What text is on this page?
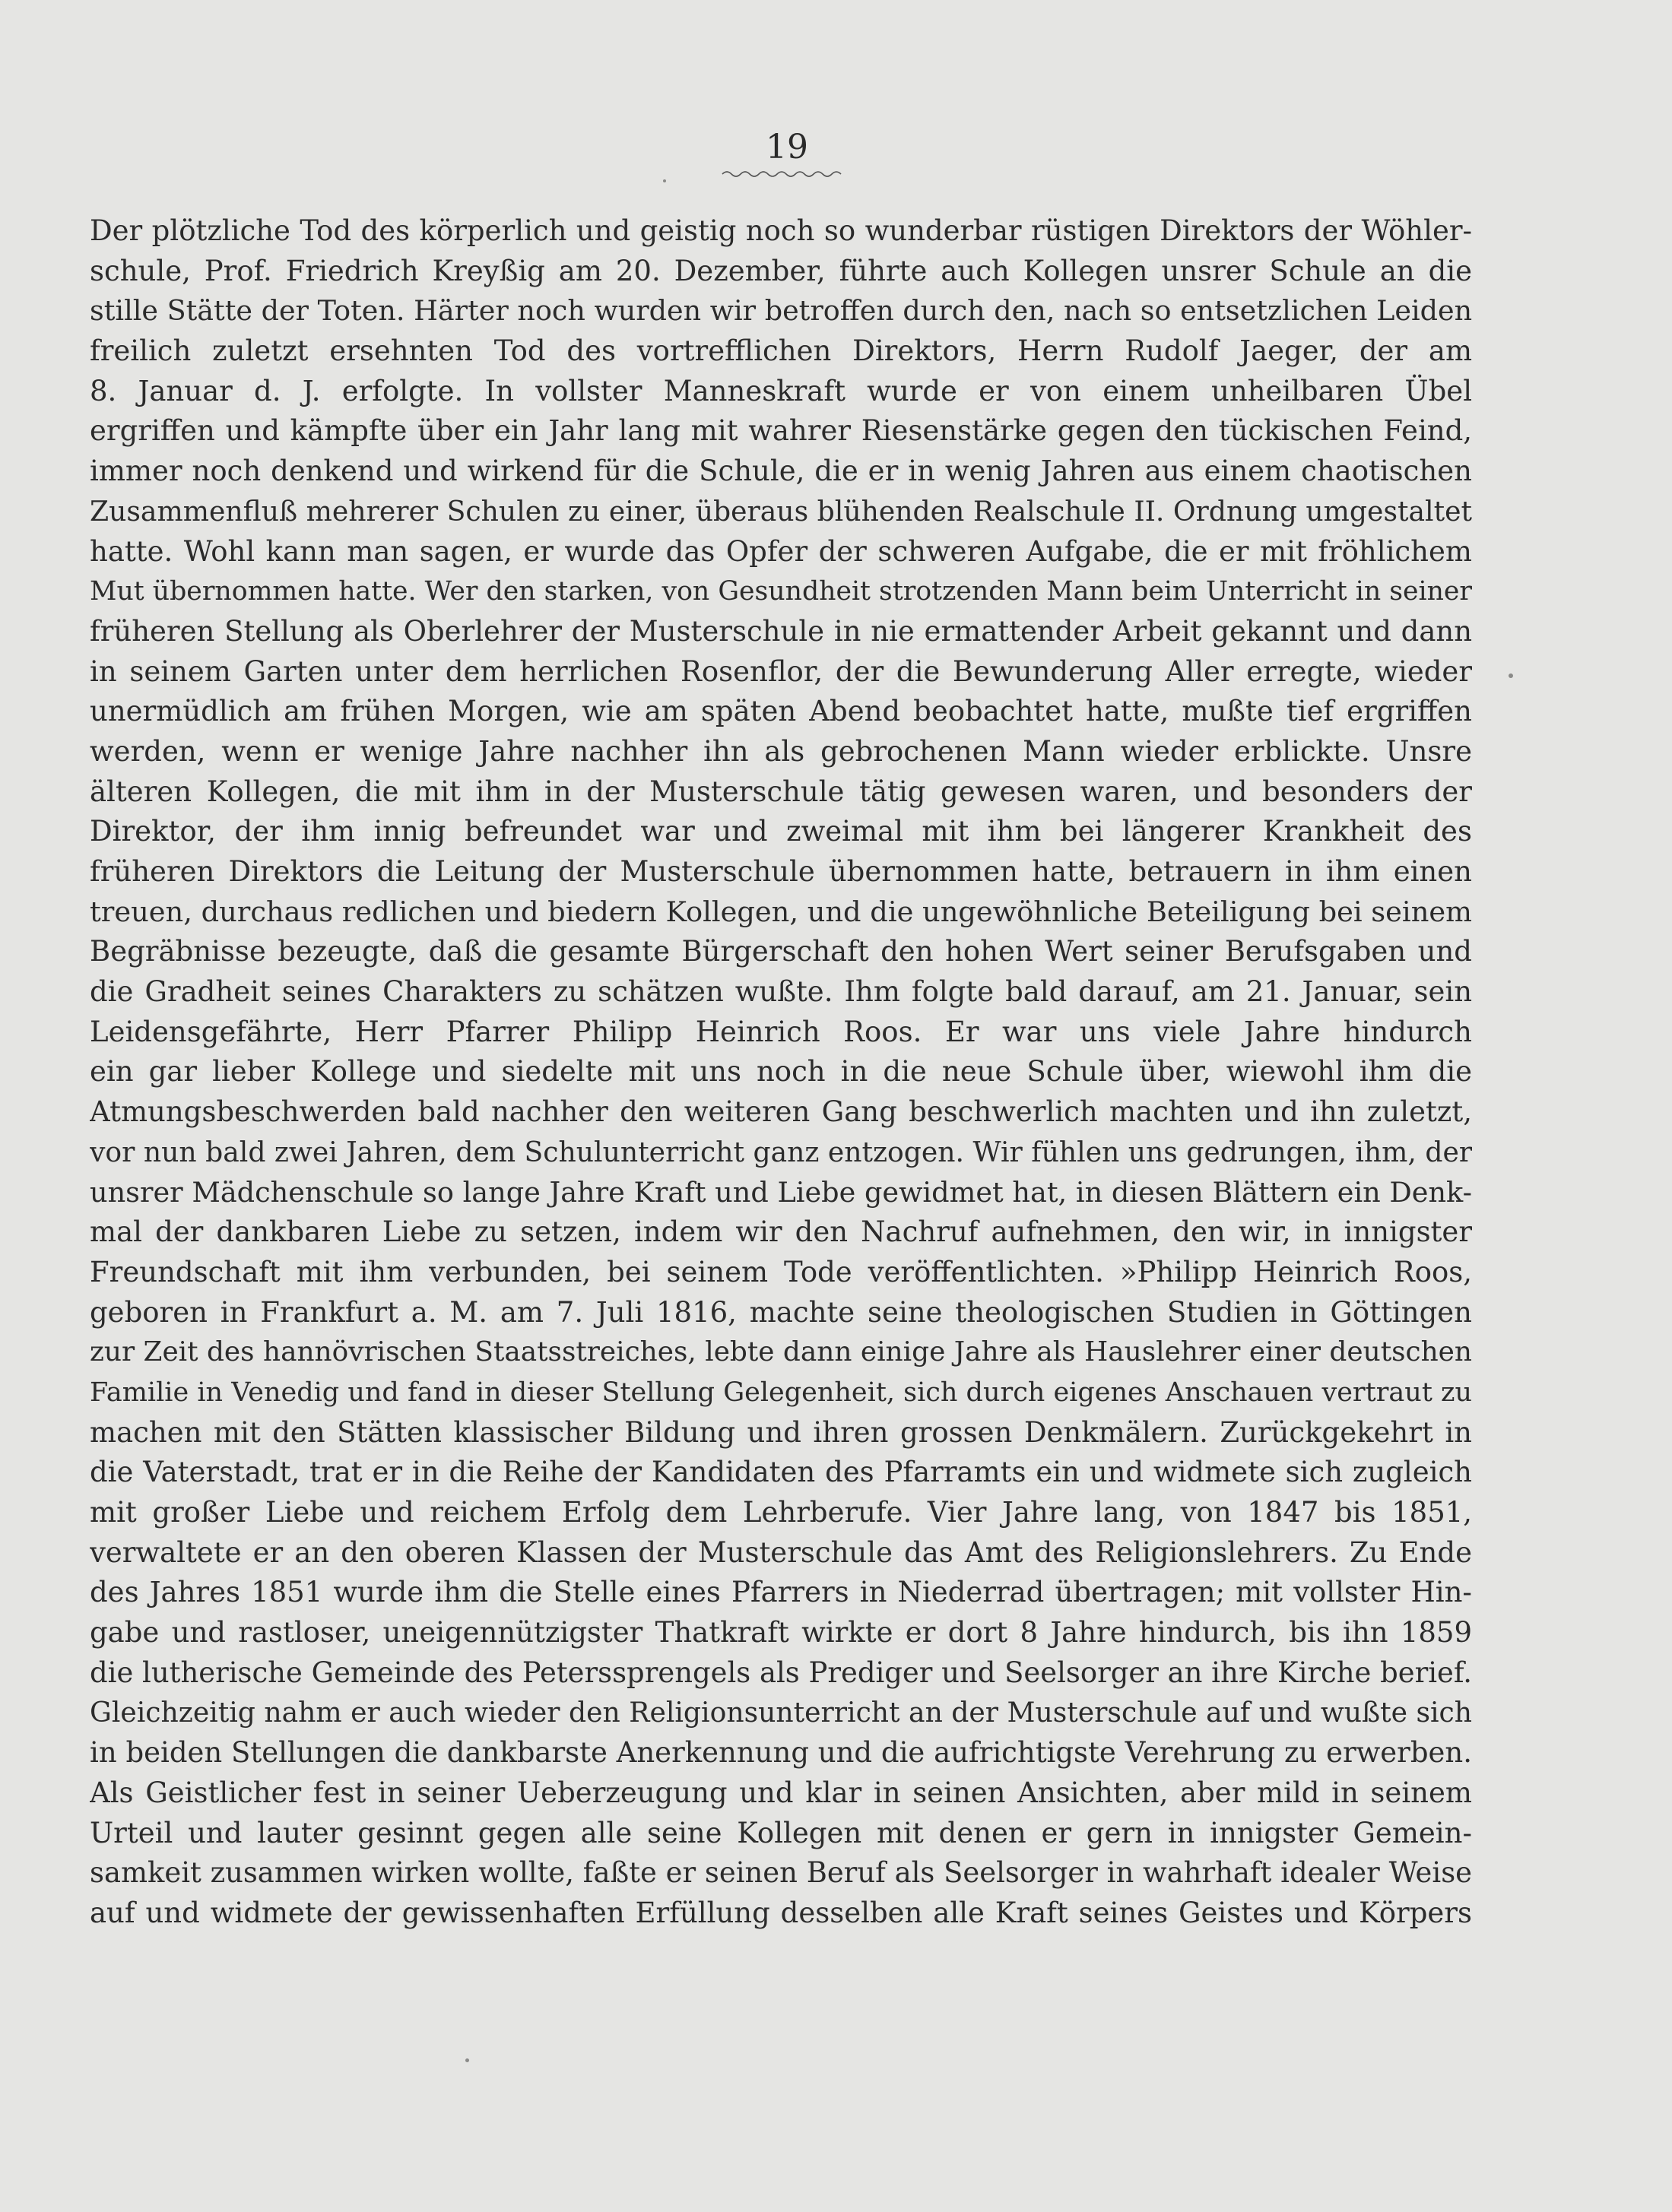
19
Der plötzliche Tod des körperlich und geistig noch so wunderbar rüstigen Direktors der Wöhler-
schule, Prof. Friedrich Kreyßig am 20. Dezember, führte auch Kollegen unsrer Schule an die
stille Stätte der Toten. Härter noch wurden wir betroffen durch den, nach so entsetzlichen Leiden
freilich zuletzt ersehnten Tod des vortrefflichen Direktors, Herrn Rudolf Jaeger, der am
8. Januar d. J. erfolgte. In vollster Manneskraft wurde er von einem unheilbaren Übel
ergriffen und kämpfte über ein Jahr lang mit wahrer Riesenstärke gegen den tückischen Feind,
immer noch denkend und wirkend für die Schule, die er in wenig Jahren aus einem chaotischen
Zusammenfluß mehrerer Schulen zu einer, überaus blühenden Realschule II. Ordnung umgestaltet
hatte. Wohl kann man sagen, er wurde das Opfer der schweren Aufgabe, die er mit fröhlichem
Mut übernommen hatte. Wer den starken, von Gesundheit strotzenden Mann beim Unterricht in seiner
früheren Stellung als Oberlehrer der Musterschule in nie ermattender Arbeit gekannt und dann
in seinem Garten unter dem herrlichen Rosenflor, der die Bewunderung Aller erregte, wieder
unermüdlich am frühen Morgen, wie am späten Abend beobachtet hatte, mußte tief ergriffen
werden, wenn er wenige Jahre nachher ihn als gebrochenen Mann wieder erblickte. Unsre
älteren Kollegen, die mit ihm in der Musterschule tätig gewesen waren, und besonders der
Direktor, der ihm innig befreundet war und zweimal mit ihm bei längerer Krankheit des
früheren Direktors die Leitung der Musterschule übernommen hatte, betrauern in ihm einen
treuen, durchaus redlichen und biedern Kollegen, und die ungewöhnliche Beteiligung bei seinem
Begräbnisse bezeugte, daß die gesamte Bürgerschaft den hohen Wert seiner Berufsgaben und
die Gradheit seines Charakters zu schätzen wußte. Ihm folgte bald darauf, am 21. Januar, sein
Leidensgefährte, Herr Pfarrer Philipp Heinrich Roos. Er war uns viele Jahre hindurch
ein gar lieber Kollege und siedelte mit uns noch in die neue Schule über, wiewohl ihm die
Atmungsbeschwerden bald nachher den weiteren Gang beschwerlich machten und ihn zuletzt,
vor nun bald zwei Jahren, dem Schulunterricht ganz entzogen. Wir fühlen uns gedrungen, ihm, der
unsrer Mädchenschule so lange Jahre Kraft und Liebe gewidmet hat, in diesen Blättern ein Denk-
mal der dankbaren Liebe zu setzen, indem wir den Nachruf aufnehmen, den wir, in innigster
Freundschaft mit ihm verbunden, bei seinem Tode veröffentlichten. »Philipp Heinrich Roos,
geboren in Frankfurt a. M. am 7. Juli 1816, machte seine theologischen Studien in Göttingen
zur Zeit des hannövrischen Staatsstreiches, lebte dann einige Jahre als Hauslehrer einer deutschen
Familie in Venedig und fand in dieser Stellung Gelegenheit, sich durch eigenes Anschauen vertraut zu
machen mit den Stätten klassischer Bildung und ihren grossen Denkmälern. Zurückgekehrt in
die Vaterstadt, trat er in die Reihe der Kandidaten des Pfarramts ein und widmete sich zugleich
mit großer Liebe und reichem Erfolg dem Lehrberufe. Vier Jahre lang, von 1847 bis 1851,
verwaltete er an den oberen Klassen der Musterschule das Amt des Religionslehrers. Zu Ende
des Jahres 1851 wurde ihm die Stelle eines Pfarrers in Niederrad übertragen; mit vollster Hin-
gabe und rastloser, uneigennützigster Thatkraft wirkte er dort 8 Jahre hindurch, bis ihn 1859
die lutherische Gemeinde des Peterssprengels als Prediger und Seelsorger an ihre Kirche berief.
Gleichzeitig nahm er auch wieder den Religionsunterricht an der Musterschule auf und wußte sich
in beiden Stellungen die dankbarste Anerkennung und die aufrichtigste Verehrung zu erwerben.
Als Geistlicher fest in seiner Ueberzeugung und klar in seinen Ansichten, aber mild in seinem
Urteil und lauter gesinnt gegen alle seine Kollegen mit denen er gern in innigster Gemein-
samkeit zusammen wirken wollte, faßte er seinen Beruf als Seelsorger in wahrhaft idealer Weise
auf und widmete der gewissenhaften Erfüllung desselben alle Kraft seines Geistes und Körpers
